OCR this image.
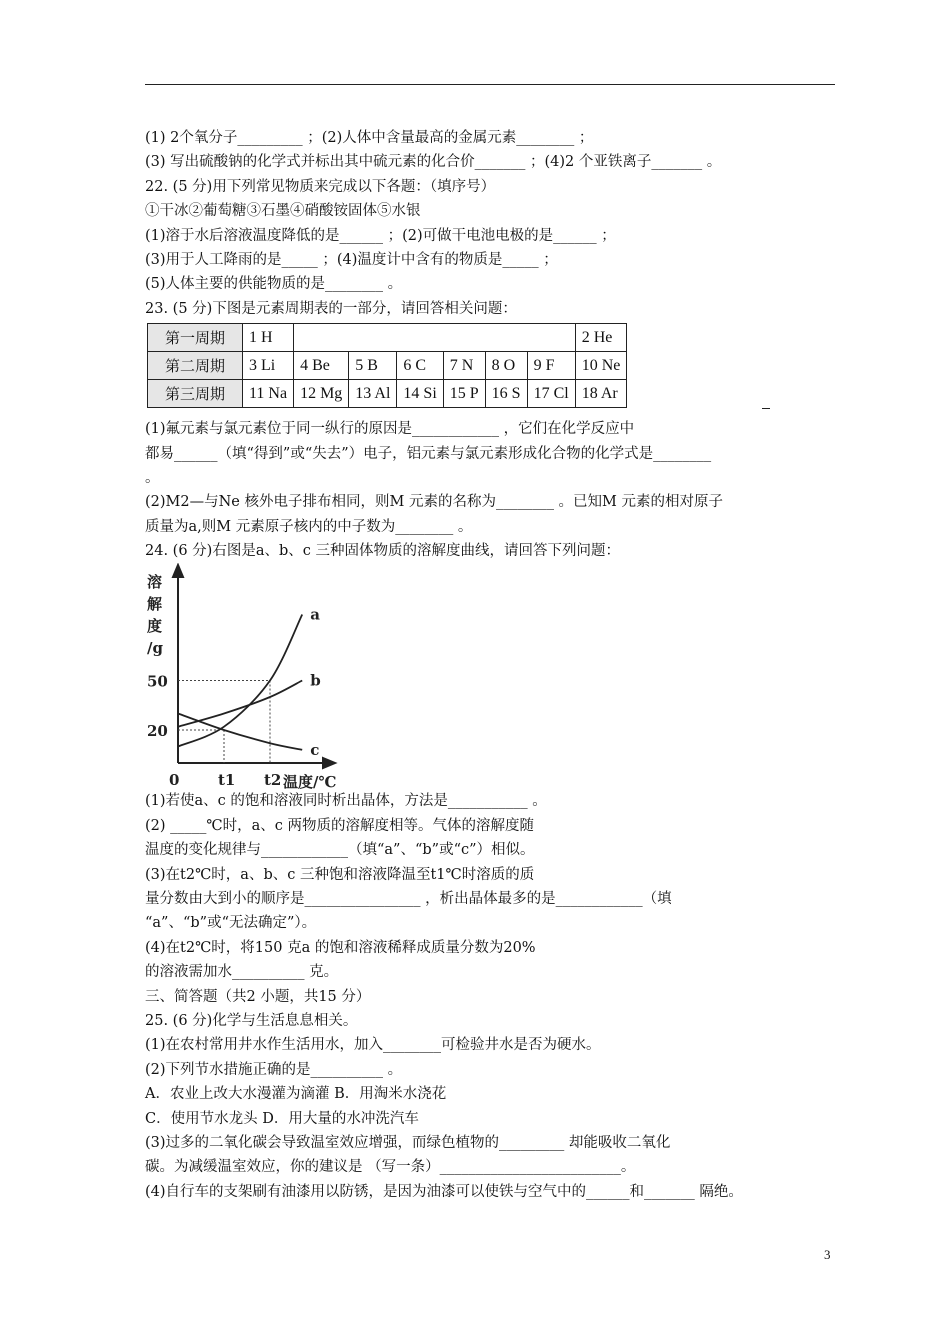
(1) 2个氧分子_________ ；(2)人体中含量最高的金属元素________ ；
(3) 写出硫酸钠的化学式并标出其中硫元素的化合价_______ ；(4)2 个亚铁离子_______ 。
22. (5 分)用下列常见物质来完成以下各题：（填序号）
①干冰②葡萄糖③石墨④硝酸铵固体⑤水银
(1)溶于水后溶液温度降低的是______ ；(2)可做干电池电极的是______ ；
(3)用于人工降雨的是_____ ；(4)温度计中含有的物质是_____ ；
(5)人体主要的供能物质的是________ 。
23. (5 分)下图是元素周期表的一部分，请回答相关问题：
第一周期	1 H							2 He
第二周期	3 Li	4 Be	5 B	6 C	7 N	8 O	9 F	10 Ne
第三周期	11 Na	12 Mg	13 Al	14 Si	15 P	16 S	17 Cl	18 Ar
(1)氟元素与氯元素位于同一纵行的原因是____________ ，它们在化学反应中
都易______（填“得到”或“失去”）电子，铝元素与氯元素形成化合物的化学式是________
。
(2)M2—与Ne 核外电子排布相同，则M 元素的名称为________ 。已知M 元素的相对原子
质量为a,则M 元素原子核内的中子数为________ 。
24. (6 分)右图是a、b、c 三种固体物质的溶解度曲线，请回答下列问题：
a
b
c
溶
解
度
/g
50
20
0	t1 t2 温度/℃
(1)若使a、c 的饱和溶液同时析出晶体，方法是___________ 。
(2) _____℃时，a、c 两物质的溶解度相等。气体的溶解度随
温度的变化规律与____________（填“a”、“b”或“c”）相似。
(3)在t2℃时，a、b、c 三种饱和溶液降温至t1℃时溶质的质
量分数由大到小的顺序是________________ ，析出晶体最多的是____________（填
“a”、“b”或“无法确定”）。
(4)在t2℃时，将150 克a 的饱和溶液稀释成质量分数为20%
的溶液需加水__________ 克。
三、简答题（共2 小题，共15 分）
25. (6 分)化学与生活息息相关。
(1)在农村常用井水作生活用水，加入________可检验井水是否为硬水。
(2)下列节水措施正确的是__________ 。
A．农业上改大水漫灌为滴灌 B．用淘米水浇花
C．使用节水龙头 D．用大量的水冲洗汽车
(3)过多的二氧化碳会导致温室效应增强，而绿色植物的_________ 却能吸收二氧化
碳。为减缓温室效应，你的建议是 （写一条）_________________________。
(4)自行车的支架刷有油漆用以防锈，是因为油漆可以使铁与空气中的______和_______ 隔绝。
3
